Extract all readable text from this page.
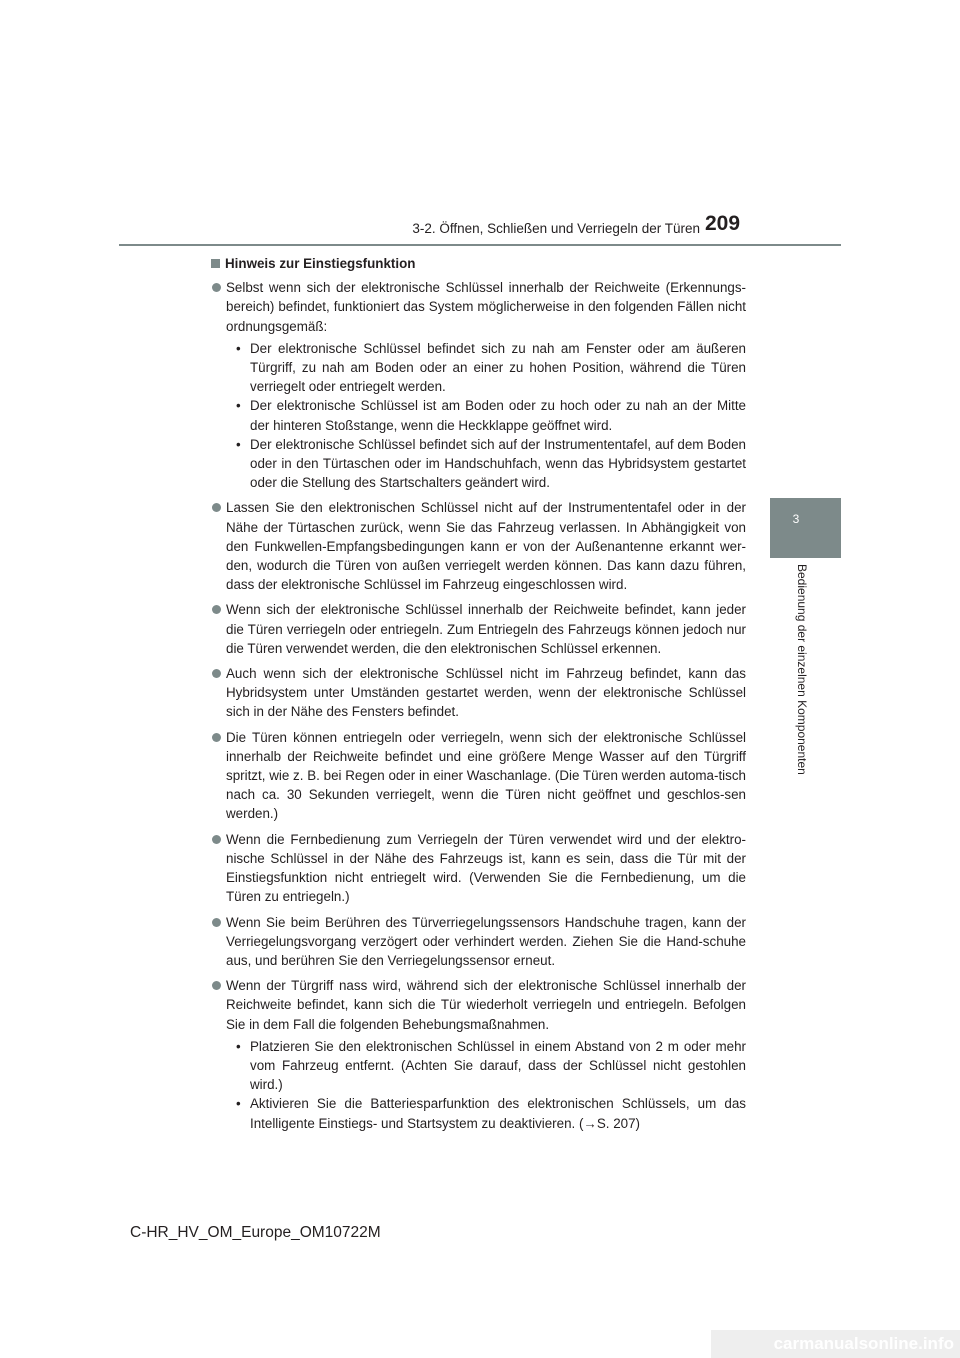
3-2. Öffnen, Schließen und Verriegeln der Türen 209
3
Bedienung der einzelnen Komponenten
Hinweis zur Einstiegsfunktion
Selbst wenn sich der elektronische Schlüssel innerhalb der Reichweite (Erkennungs-bereich) befindet, funktioniert das System möglicherweise in den folgenden Fällen nicht ordnungsgemäß:
• Der elektronische Schlüssel befindet sich zu nah am Fenster oder am äußeren Türgriff, zu nah am Boden oder an einer zu hohen Position, während die Türen verriegelt oder entriegelt werden.
• Der elektronische Schlüssel ist am Boden oder zu hoch oder zu nah an der Mitte der hinteren Stoßstange, wenn die Heckklappe geöffnet wird.
• Der elektronische Schlüssel befindet sich auf der Instrumententafel, auf dem Boden oder in den Türtaschen oder im Handschuhfach, wenn das Hybridsystem gestartet oder die Stellung des Startschalters geändert wird.
Lassen Sie den elektronischen Schlüssel nicht auf der Instrumententafel oder in der Nähe der Türtaschen zurück, wenn Sie das Fahrzeug verlassen. In Abhängigkeit von den Funkwellen-Empfangsbedingungen kann er von der Außenantenne erkannt wer-den, wodurch die Türen von außen verriegelt werden können. Das kann dazu führen, dass der elektronische Schlüssel im Fahrzeug eingeschlossen wird.
Wenn sich der elektronische Schlüssel innerhalb der Reichweite befindet, kann jeder die Türen verriegeln oder entriegeln. Zum Entriegeln des Fahrzeugs können jedoch nur die Türen verwendet werden, die den elektronischen Schlüssel erkennen.
Auch wenn sich der elektronische Schlüssel nicht im Fahrzeug befindet, kann das Hybridsystem unter Umständen gestartet werden, wenn der elektronische Schlüssel sich in der Nähe des Fensters befindet.
Die Türen können entriegeln oder verriegeln, wenn sich der elektronische Schlüssel innerhalb der Reichweite befindet und eine größere Menge Wasser auf den Türgriff spritzt, wie z. B. bei Regen oder in einer Waschanlage. (Die Türen werden automa-tisch nach ca. 30 Sekunden verriegelt, wenn die Türen nicht geöffnet und geschlos-sen werden.)
Wenn die Fernbedienung zum Verriegeln der Türen verwendet wird und der elektro-nische Schlüssel in der Nähe des Fahrzeugs ist, kann es sein, dass die Tür mit der Einstiegsfunktion nicht entriegelt wird. (Verwenden Sie die Fernbedienung, um die Türen zu entriegeln.)
Wenn Sie beim Berühren des Türverriegelungssensors Handschuhe tragen, kann der Verriegelungsvorgang verzögert oder verhindert werden. Ziehen Sie die Hand-schuhe aus, und berühren Sie den Verriegelungssensor erneut.
Wenn der Türgriff nass wird, während sich der elektronische Schlüssel innerhalb der Reichweite befindet, kann sich die Tür wiederholt verriegeln und entriegeln. Befolgen Sie in dem Fall die folgenden Behebungsmaßnahmen.
• Platzieren Sie den elektronischen Schlüssel in einem Abstand von 2 m oder mehr vom Fahrzeug entfernt. (Achten Sie darauf, dass der Schlüssel nicht gestohlen wird.)
• Aktivieren Sie die Batteriesparfunktion des elektronischen Schlüssels, um das Intelligente Einstiegs- und Startsystem zu deaktivieren. (→S. 207)
C-HR_HV_OM_Europe_OM10722M
carmanualsonline.info
